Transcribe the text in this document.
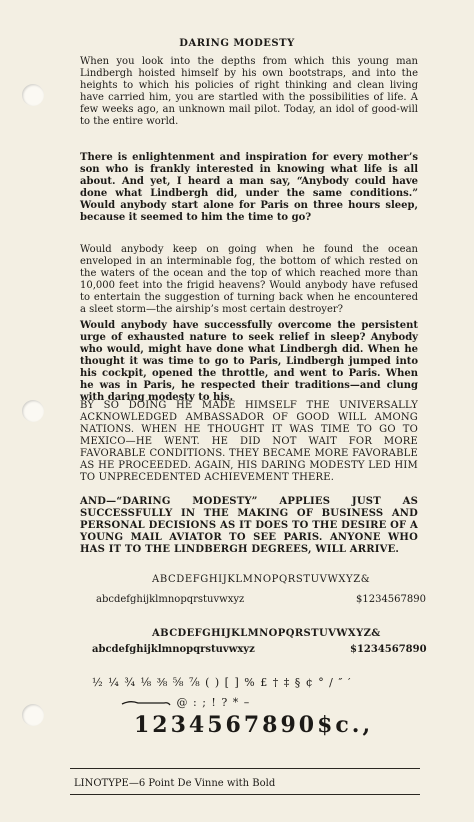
DARING MODESTY

When you look into the depths from which this young man Lindbergh hoisted himself by his own bootstraps, and into the heights to which his policies of right thinking and clean living have carried him, you are startled with the possibilities of life. A few weeks ago, an unknown mail pilot. Today, an idol of good-will to the entire world.

There is enlightenment and inspiration for every mother’s son who is frankly interested in knowing what life is all about. And yet, I heard a man say, “Anybody could have done what Lindbergh did, under the same conditions.” Would anybody start alone for Paris on three hours sleep, because it seemed to him the time to go?

Would anybody keep on going when he found the ocean enveloped in an interminable fog, the bottom of which rested on the waters of the ocean and the top of which reached more than 10,000 feet into the frigid heavens? Would anybody have refused to entertain the suggestion of turning back when he encountered a sleet storm—the airship’s most certain destroyer?

Would anybody have successfully overcome the persistent urge of exhausted nature to seek relief in sleep? Anybody who would, might have done what Lindbergh did. When he thought it was time to go to Paris, Lindbergh jumped into his cockpit, opened the throttle, and went to Paris. When he was in Paris, he respected their traditions—and clung with daring modesty to his.

BY SO DOING HE MADE HIMSELF THE UNIVERSALLY ACKNOWLEDGED AMBASSADOR OF GOOD WILL AMONG NATIONS. WHEN HE THOUGHT IT WAS TIME TO GO TO MEXICO—HE WENT. HE DID NOT WAIT FOR MORE FAVORABLE CONDITIONS. THEY BECAME MORE FAVORABLE AS HE PROCEEDED. AGAIN, HIS DARING MODESTY LED HIM TO UNPRECEDENTED ACHIEVEMENT THERE.

AND—“DARING MODESTY” APPLIES JUST AS SUCCESSFULLY IN THE MAKING OF BUSINESS AND PERSONAL DECISIONS AS IT DOES TO THE DESIRE OF A YOUNG MAIL AVIATOR TO SEE PARIS. ANYONE WHO HAS IT TO THE LINDBERGH DEGREES, WILL ARRIVE.

ABCDEFGHIJKLMNOPQRSTUVWXYZ&
abcdefghijklmnopqrstuvwxyz	$1234567890
ABCDEFGHIJKLMNOPQRSTUVWXYZ&
abcdefghijklmnopqrstuvwxyz	$1234567890
½ ¼ ¾ ⅛ ⅜ ⅝ ⅞ ( ) [ ] % £ † ‡ § ¢ ° / ″ ′
@ : ; ! ? * –
1234567890$c.,
LINOTYPE—6 Point De Vinne with Bold
